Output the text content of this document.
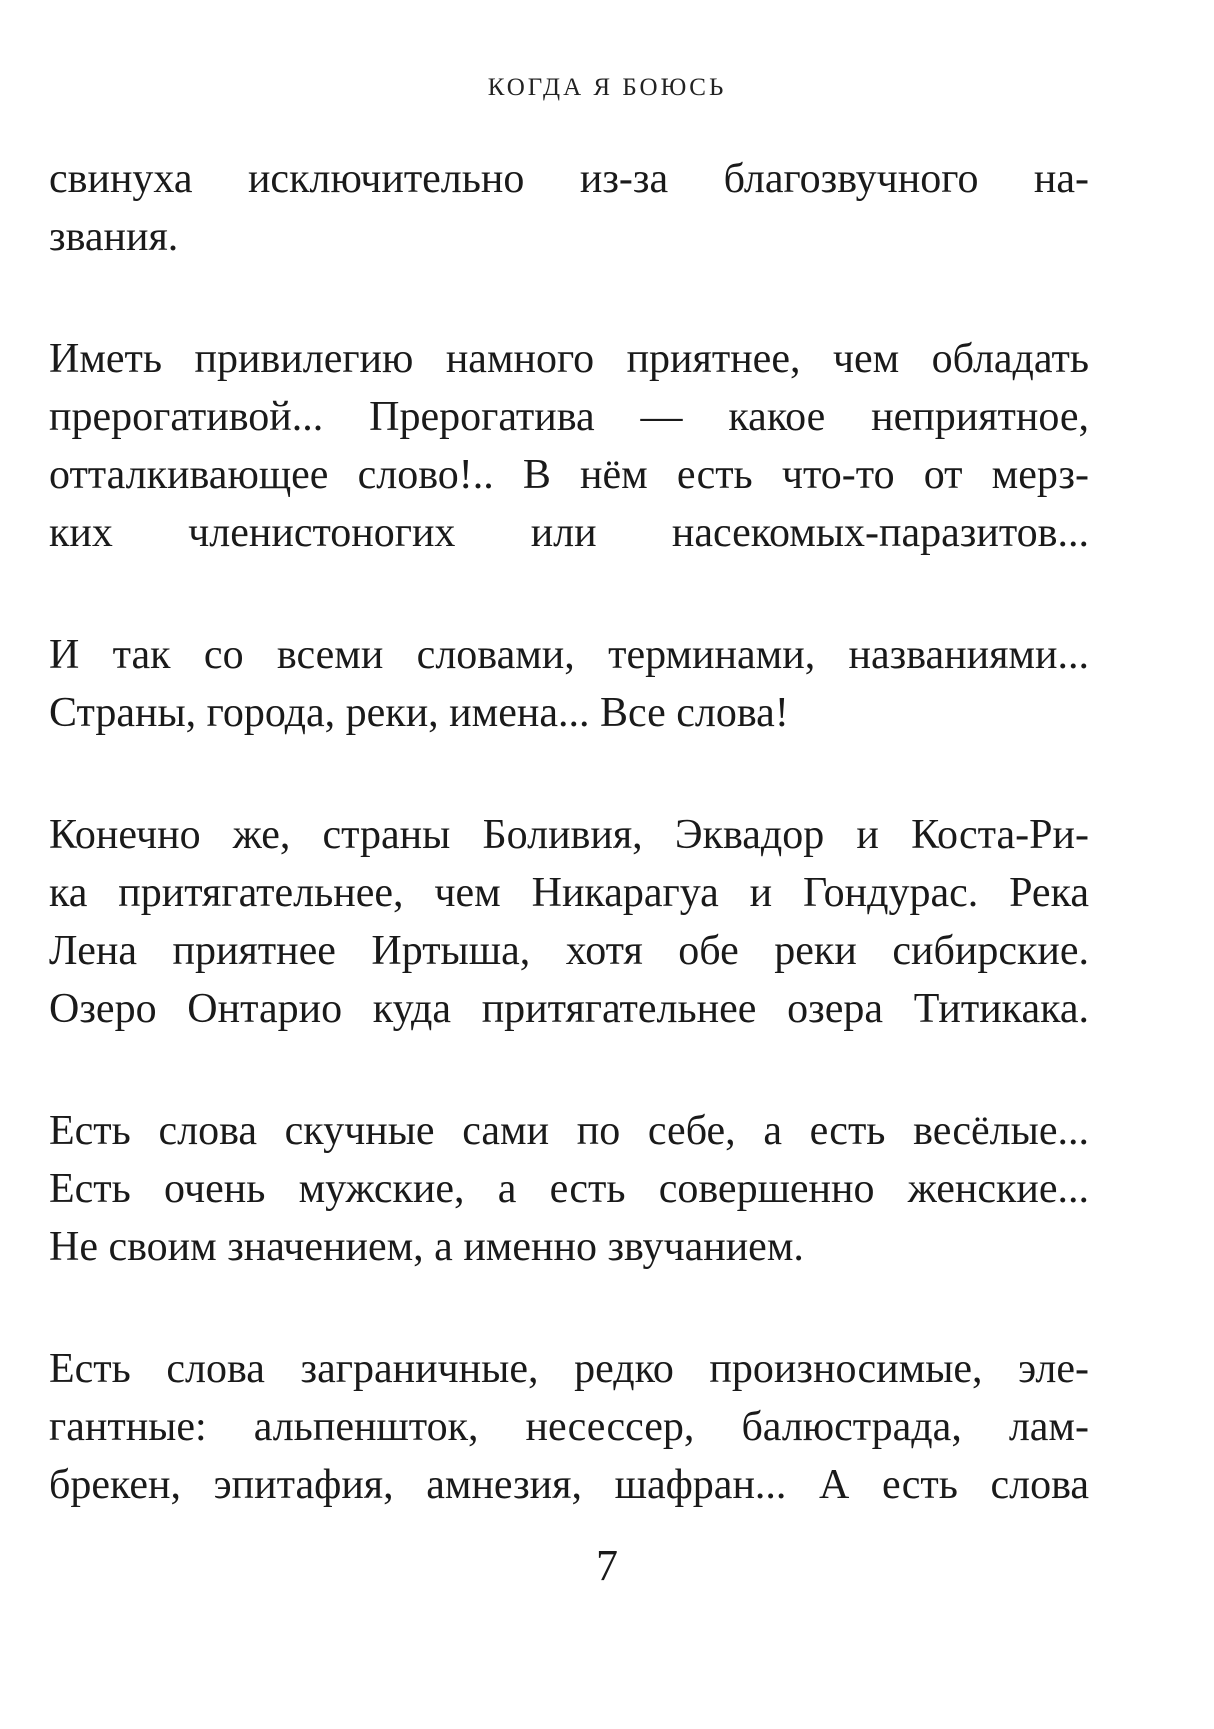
КОГДА Я БОЮСЬ

свинуха исключительно из-за благозвучного на-
звания.

Иметь привилегию намного приятнее, чем обладать
прерогативой... Прерогатива — какое неприятное,
отталкивающее слово!.. В нём есть что-то от мерз-
ких членистоногих или насекомых-паразитов...

И так со всеми словами, терминами, названиями...
Страны, города, реки, имена... Все слова!

Конечно же, страны Боливия, Эквадор и Коста-Ри-
ка притягательнее, чем Никарагуа и Гондурас. Река
Лена приятнее Иртыша, хотя обе реки сибирские.
Озеро Онтарио куда притягательнее озера Титикака.

Есть слова скучные сами по себе, а есть весёлые...
Есть очень мужские, а есть совершенно женские...
Не своим значением, а именно звучанием.

Есть слова заграничные, редко произносимые, эле-
гантные: альпеншток, несессер, балюстрада, лам-
брекен, эпитафия, амнезия, шафран... А есть слова

7
